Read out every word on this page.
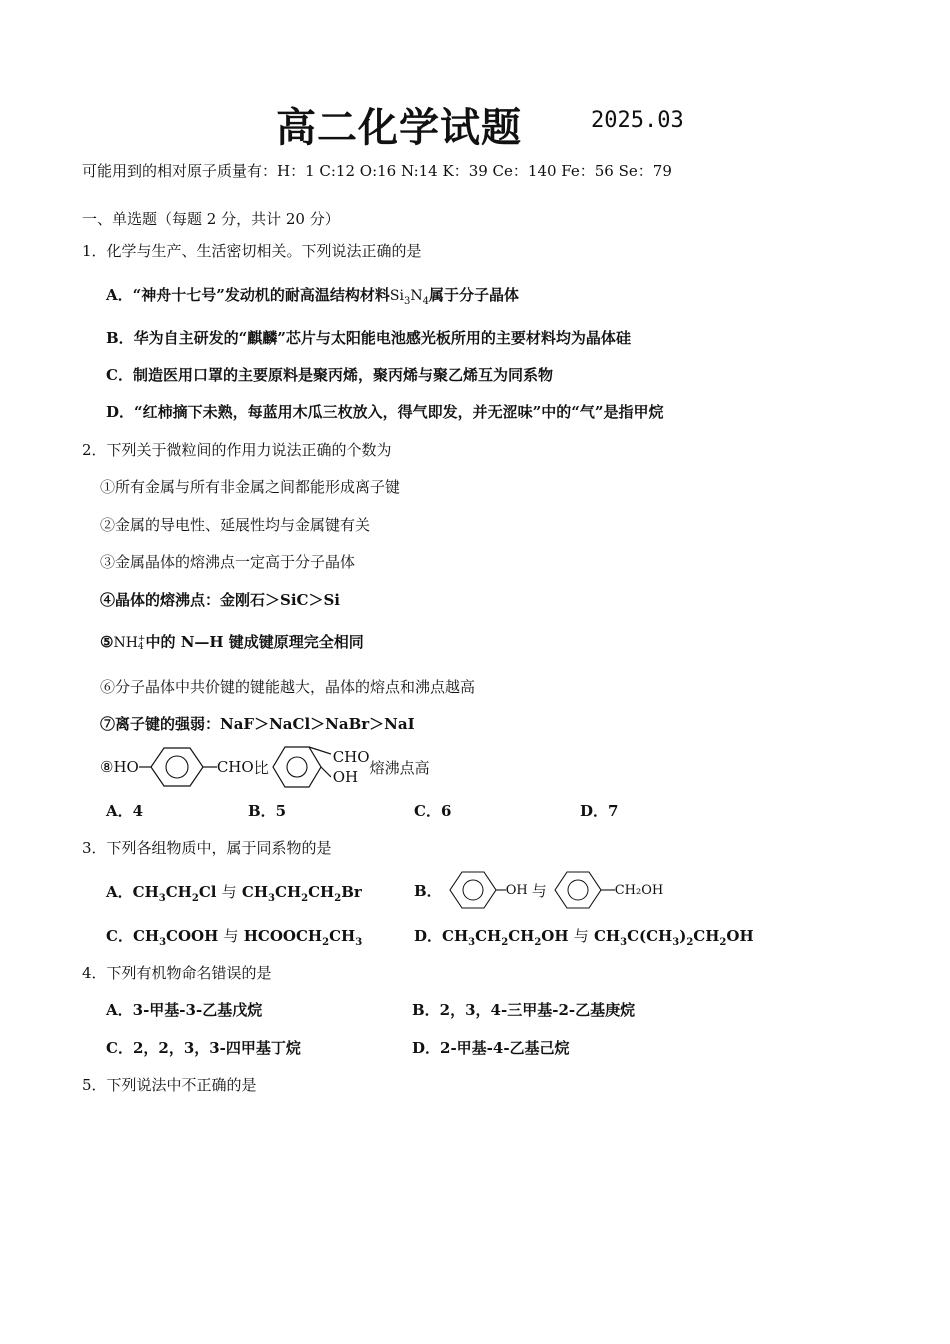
高二化学试题	2025.03
可能用到的相对原子质量有：H：1 C:12 O:16 N:14 K：39 Ce：140 Fe：56 Se：79
一、单选题（每题 2 分，共计 20 分）
1．化学与生产、生活密切相关。下列说法正确的是
A．“神舟十七号”发动机的耐高温结构材料$Si_3N_4$属于分子晶体
B．华为自主研发的“麒麟”芯片与太阳能电池感光板所用的主要材料均为晶体硅
C．制造医用口罩的主要原料是聚丙烯，聚丙烯与聚乙烯互为同系物
D．“红柿摘下未熟，每蓝用木瓜三枚放入，得气即发，并无涩味”中的“气”是指甲烷
2．下列关于微粒间的作用力说法正确的个数为
①所有金属与所有非金属之间都能形成离子键
②金属的导电性、延展性均与金属键有关
③金属晶体的熔沸点一定高于分子晶体
④晶体的熔沸点：金刚石＞SiC＞Si
⑤NH +
4 中的 N—H 键成键原理完全相同
⑥分子晶体中共价键的键能越大，晶体的熔点和沸点越高
⑦离子键的强弱：NaF＞NaCl＞NaBr＞NaI
⑧HO	CHO 比
CHO
OH
熔沸点高
A．4	B．5	C．6	D．7
3．下列各组物质中，属于同系物的是
A．$CH_3CH_2Cl$ 与 $CH_3CH_2CH_2Br$	B．	OH 与	CH₂OH
C．$CH_3COOH$ 与 $HCOOCH_2CH_3$	D．$CH_3CH_2CH_2OH$ 与 $CH_3C(CH_3)_2CH_2OH$
4．下列有机物命名错误的是
A．3-甲基-3-乙基戊烷	B．2，3，4-三甲基-2-乙基庚烷
C．2，2，3，3-四甲基丁烷	D．2-甲基-4-乙基己烷
5．下列说法中不正确的是
